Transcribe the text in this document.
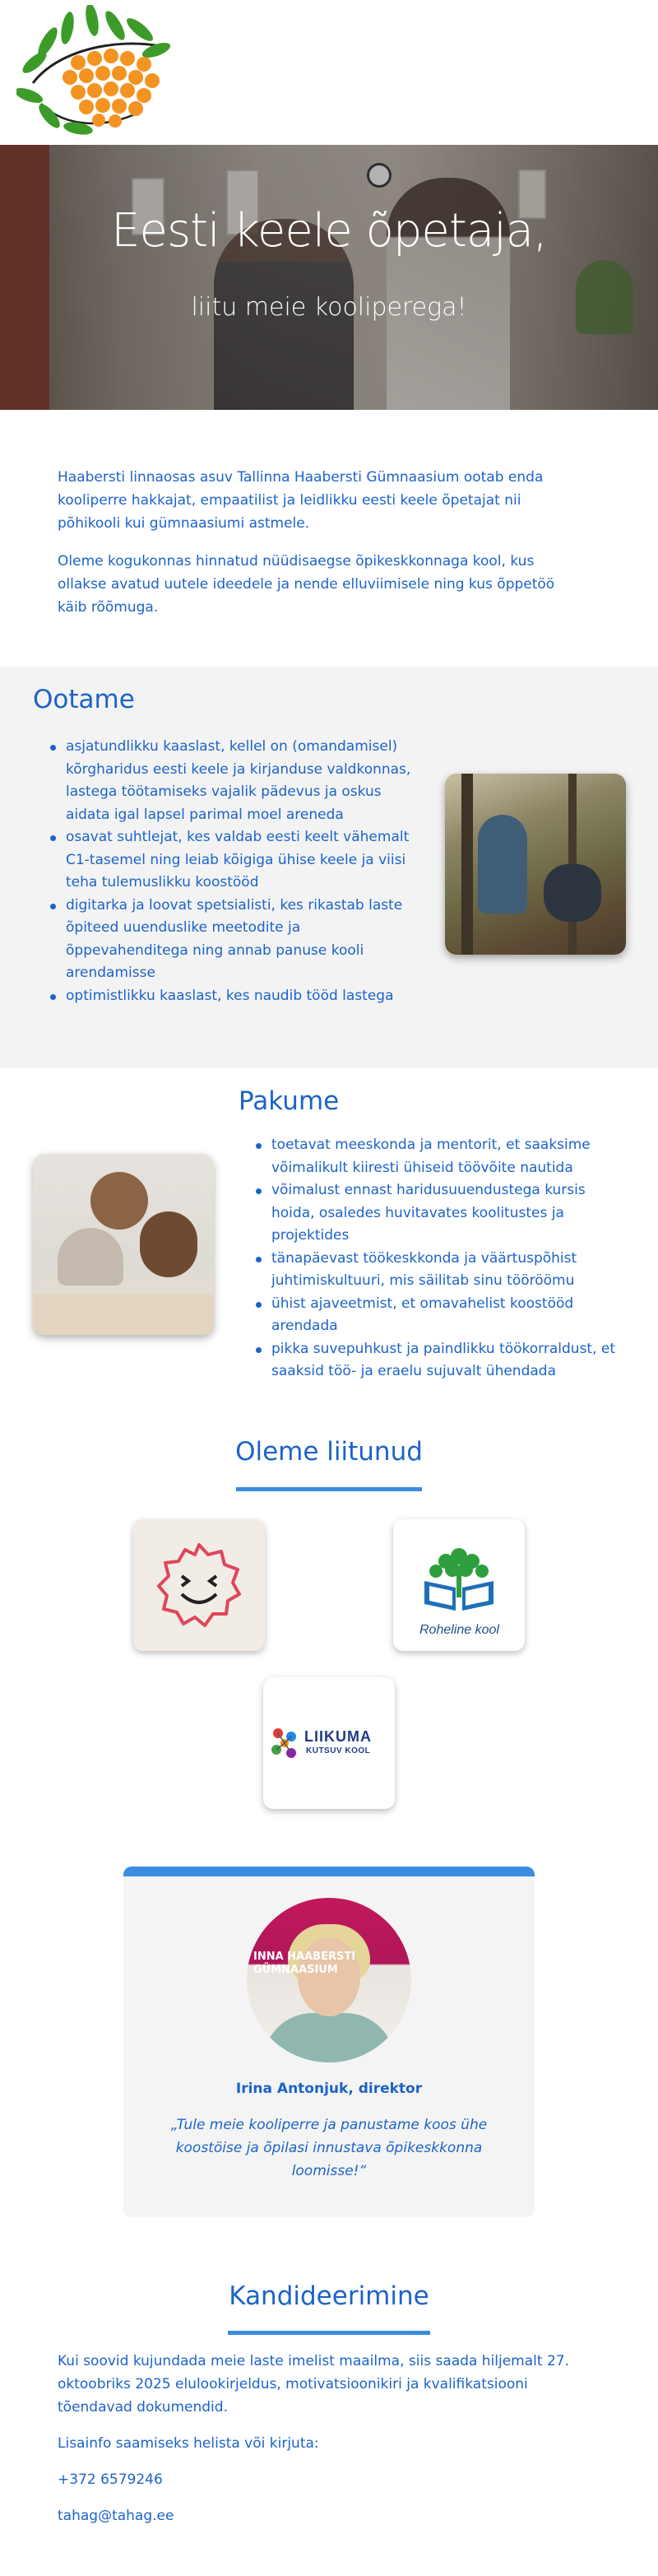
Eesti keele õpetaja,
liitu meie kooliperega!

Haabersti linnaosas asuv Tallinna Haabersti Gümnaasium ootab enda kooliperre hakkajat, empaatilist ja leidlikku eesti keele õpetajat nii põhikooli kui gümnaasiumi astmele.

Oleme kogukonnas hinnatud nüüdisaegse õpikeskkonnaga kool, kus ollakse avatud uutele ideedele ja nende elluviimisele ning kus õppetöö käib rõõmuga.

Ootame
asjatundlikku kaaslast, kellel on (omandamisel) kõrgharidus eesti keele ja kirjanduse valdkonnas, lastega töötamiseks vajalik pädevus ja oskus aidata igal lapsel parimal moel areneda
osavat suhtlejat, kes valdab eesti keelt vähemalt C1-tasemel ning leiab kõigiga ühise keele ja viisi teha tulemuslikku koostööd
digitarka ja loovat spetsialisti, kes rikastab laste õpiteed uuenduslike meetodite ja õppevahenditega ning annab panuse kooli arendamisse
optimistlikku kaaslast, kes naudib tööd lastega
Pakume
toetavat meeskonda ja mentorit, et saaksime võimalikult kiiresti ühiseid töövõite nautida
võimalust ennast haridusuuendustega kursis hoida, osaledes huvitavates koolitustes ja projektides
tänapäevast töökeskkonda ja väärtuspõhist juhtimiskultuuri, mis säilitab sinu tööröömu
ühist ajaveetmist, et omavahelist koostööd arendada
pikka suvepuhkust ja paindlikku töökorraldust, et saaksid töö- ja eraelu sujuvalt ühendada
Oleme liitunud
Roheline kool
LIIKUMA
KUTSUV KOOL
INNA HAABERSTI
GÜMNAASIUM
Irina Antonjuk, direktor
„Tule meie kooliperre ja panustame koos ühe koostöise ja õpilasi innustava õpikeskkonna loomisse!“
Kandideerimine

Kui soovid kujundada meie laste imelist maailma, siis saada hiljemalt 27. oktoobriks 2025 elulookirjeldus, motivatsioonikiri ja kvalifikatsiooni tõendavad dokumendid.

Lisainfo saamiseks helista või kirjuta:

+372 6579246

tahag@tahag.ee
